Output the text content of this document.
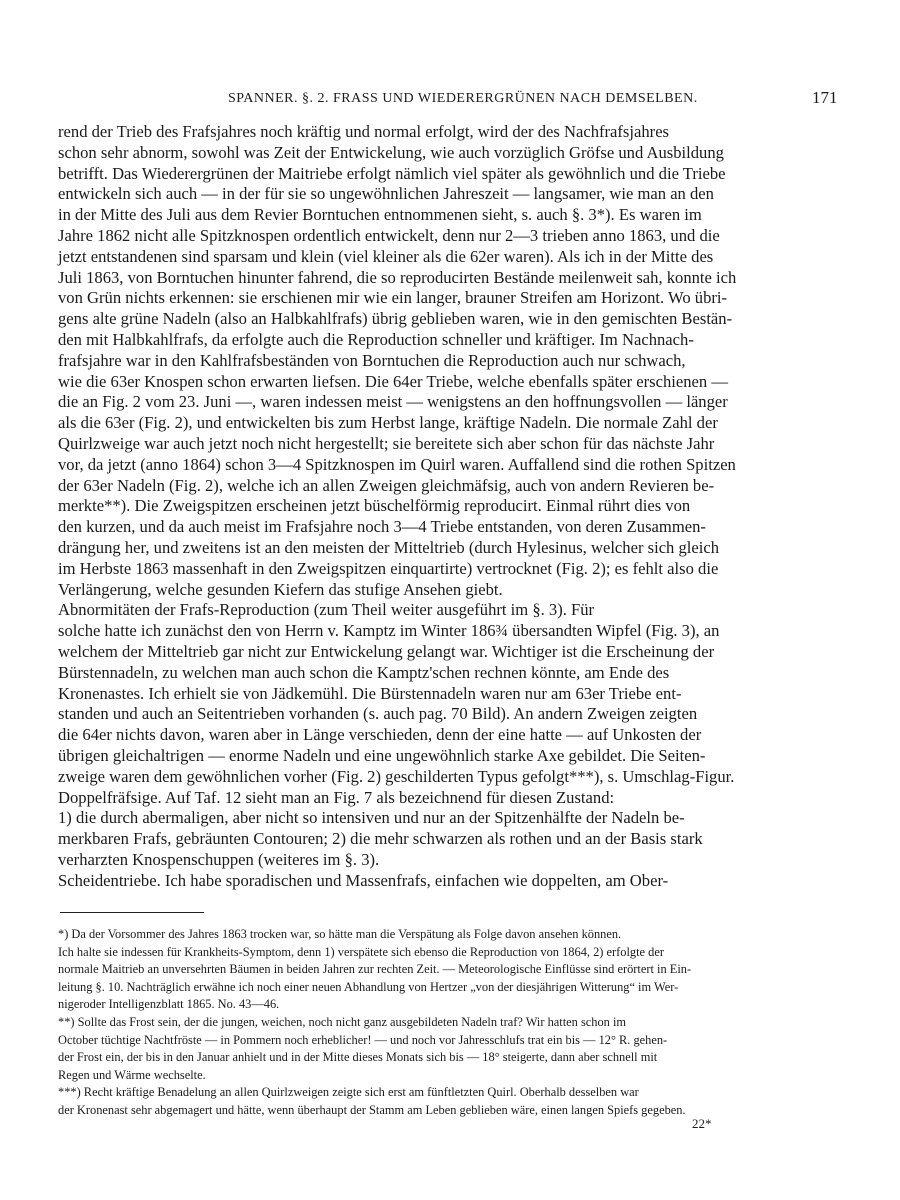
SPANNER. §. 2. FRASS UND WIEDERERGRÜNEN NACH DEMSELBEN.	171

rend der Trieb des Frafsjahres noch kräftig und normal erfolgt, wird der des Nachfrafsjahres
schon sehr abnorm, sowohl was Zeit der Entwickelung, wie auch vorzüglich Gröfse und Ausbildung
betrifft. Das Wiederergrünen der Maitriebe erfolgt nämlich viel später als gewöhnlich und die Triebe
entwickeln sich auch — in der für sie so ungewöhnlichen Jahreszeit — langsamer, wie man an den
in der Mitte des Juli aus dem Revier Borntuchen entnommenen sieht, s. auch §. 3*). Es waren im
Jahre 1862 nicht alle Spitzknospen ordentlich entwickelt, denn nur 2—3 trieben anno 1863, und die
jetzt entstandenen sind sparsam und klein (viel kleiner als die 62er waren). Als ich in der Mitte des
Juli 1863, von Borntuchen hinunter fahrend, die so reproducirten Bestände meilenweit sah, konnte ich
von Grün nichts erkennen: sie erschienen mir wie ein langer, brauner Streifen am Horizont. Wo übri-
gens alte grüne Nadeln (also an Halbkahlfrafs) übrig geblieben waren, wie in den gemischten Bestän-
den mit Halbkahlfrafs, da erfolgte auch die Reproduction schneller und kräftiger. Im Nachnach-
frafsjahre war in den Kahlfrafsbeständen von Borntuchen die Reproduction auch nur schwach,
wie die 63er Knospen schon erwarten liefsen. Die 64er Triebe, welche ebenfalls später erschienen —
die an Fig. 2 vom 23. Juni —, waren indessen meist — wenigstens an den hoffnungsvollen — länger
als die 63er (Fig. 2), und entwickelten bis zum Herbst lange, kräftige Nadeln. Die normale Zahl der
Quirlzweige war auch jetzt noch nicht hergestellt; sie bereitete sich aber schon für das nächste Jahr
vor, da jetzt (anno 1864) schon 3—4 Spitzknospen im Quirl waren. Auffallend sind die rothen Spitzen
der 63er Nadeln (Fig. 2), welche ich an allen Zweigen gleichmäfsig, auch von andern Revieren be-
merkte**). Die Zweigspitzen erscheinen jetzt büschelförmig reproducirt. Einmal rührt dies von
den kurzen, und da auch meist im Frafsjahre noch 3—4 Triebe entstanden, von deren Zusammen-
drängung her, und zweitens ist an den meisten der Mitteltrieb (durch Hylesinus, welcher sich gleich
im Herbste 1863 massenhaft in den Zweigspitzen einquartirte) vertrocknet (Fig. 2); es fehlt also die
Verlängerung, welche gesunden Kiefern das stufige Ansehen giebt.

Abnormitäten der Frafs-Reproduction (zum Theil weiter ausgeführt im §. 3). Für
solche hatte ich zunächst den von Herrn v. Kamptz im Winter 186¾ übersandten Wipfel (Fig. 3), an
welchem der Mitteltrieb gar nicht zur Entwickelung gelangt war. Wichtiger ist die Erscheinung der
Bürstennadeln, zu welchen man auch schon die Kamptz'schen rechnen könnte, am Ende des
Kronenastes. Ich erhielt sie von Jädkemühl. Die Bürstennadeln waren nur am 63er Triebe ent-
standen und auch an Seitentrieben vorhanden (s. auch pag. 70 Bild). An andern Zweigen zeigten
die 64er nichts davon, waren aber in Länge verschieden, denn der eine hatte — auf Unkosten der
übrigen gleichaltrigen — enorme Nadeln und eine ungewöhnlich starke Axe gebildet. Die Seiten-
zweige waren dem gewöhnlichen vorher (Fig. 2) geschilderten Typus gefolgt***), s. Umschlag-Figur.

Doppelfräfsige. Auf Taf. 12 sieht man an Fig. 7 als bezeichnend für diesen Zustand:
1) die durch abermaligen, aber nicht so intensiven und nur an der Spitzenhälfte der Nadeln be-
merkbaren Frafs, gebräunten Contouren; 2) die mehr schwarzen als rothen und an der Basis stark
verharzten Knospenschuppen (weiteres im §. 3).

Scheidentriebe. Ich habe sporadischen und Massenfrafs, einfachen wie doppelten, am Ober-

*) Da der Vorsommer des Jahres 1863 trocken war, so hätte man die Verspätung als Folge davon ansehen können.
Ich halte sie indessen für Krankheits-Symptom, denn 1) verspätete sich ebenso die Reproduction von 1864, 2) erfolgte der
normale Maitrieb an unversehrten Bäumen in beiden Jahren zur rechten Zeit. — Meteorologische Einflüsse sind erörtert in Ein-
leitung §. 10. Nachträglich erwähne ich noch einer neuen Abhandlung von Hertzer „von der diesjährigen Witterung“ im Wer-
nigeroder Intelligenzblatt 1865. No. 43—46.

**) Sollte das Frost sein, der die jungen, weichen, noch nicht ganz ausgebildeten Nadeln traf? Wir hatten schon im
October tüchtige Nachtfröste — in Pommern noch erheblicher! — und noch vor Jahresschlufs trat ein bis — 12° R. gehen-
der Frost ein, der bis in den Januar anhielt und in der Mitte dieses Monats sich bis — 18° steigerte, dann aber schnell mit
Regen und Wärme wechselte.

***) Recht kräftige Benadelung an allen Quirlzweigen zeigte sich erst am fünftletzten Quirl. Oberhalb desselben war
der Kronenast sehr abgemagert und hätte, wenn überhaupt der Stamm am Leben geblieben wäre, einen langen Spiefs gegeben.

22*
